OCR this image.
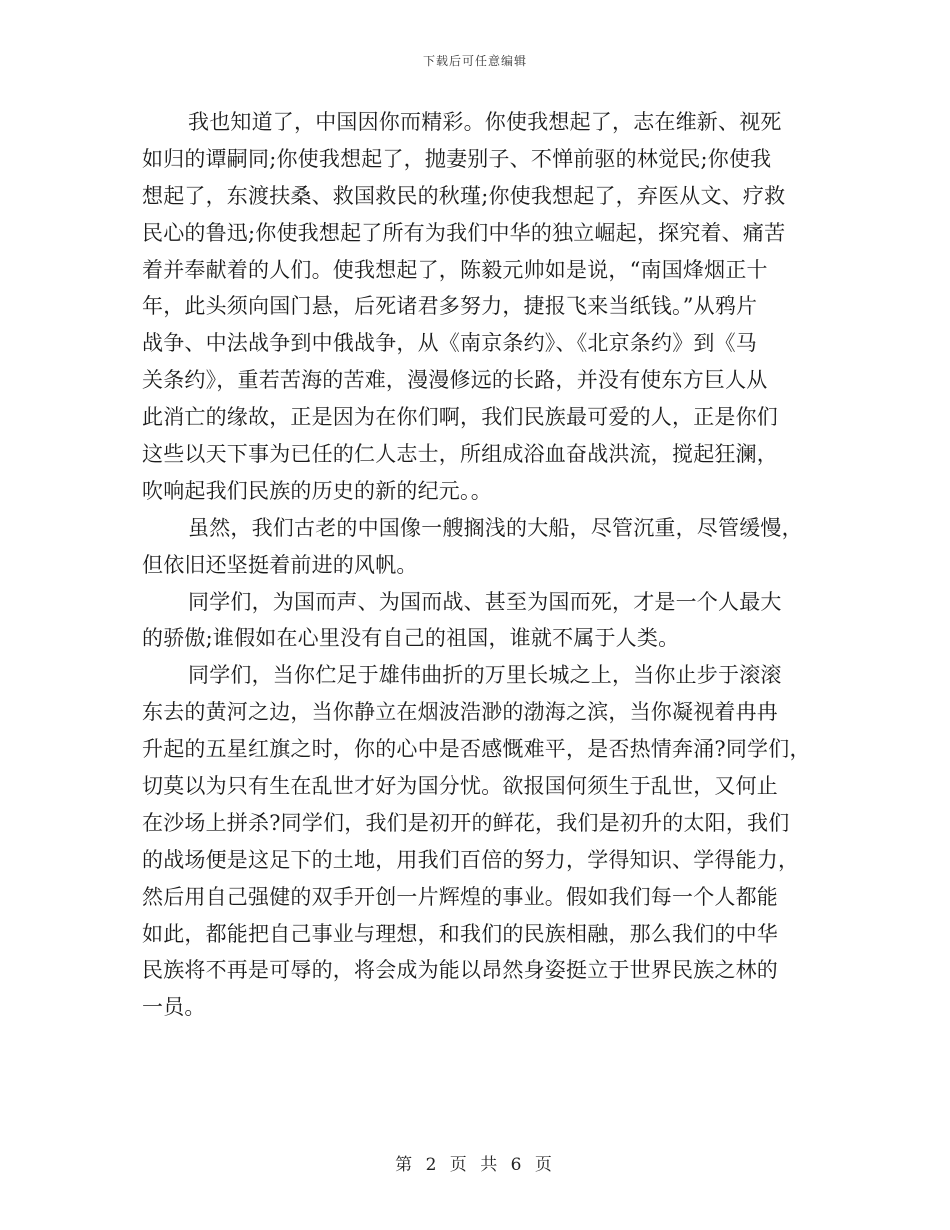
下载后可任意编辑
我也知道了，中国因你而精彩。你使我想起了，志在维新、视死
如归的谭嗣同;你使我想起了，抛妻别子、不惮前驱的林觉民;你使我
想起了，东渡扶桑、救国救民的秋瑾;你使我想起了，弃医从文、疗救
民心的鲁迅;你使我想起了所有为我们中华的独立崛起，探究着、痛苦
着并奉献着的人们。使我想起了，陈毅元帅如是说，“南国烽烟正十
年，此头须向国门悬，后死诸君多努力，捷报飞来当纸钱。”从鸦片
战争、中法战争到中俄战争，从《南京条约》、《北京条约》到《马
关条约》，重若苦海的苦难，漫漫修远的长路，并没有使东方巨人从
此消亡的缘故，正是因为在你们啊，我们民族最可爱的人，正是你们
这些以天下事为已任的仁人志士，所组成浴血奋战洪流，搅起狂澜，
吹响起我们民族的历史的新的纪元。。
虽然，我们古老的中国像一艘搁浅的大船，尽管沉重，尽管缓慢，
但依旧还坚挺着前进的风帆。
同学们，为国而声、为国而战、甚至为国而死，才是一个人最大
的骄傲;谁假如在心里没有自己的祖国，谁就不属于人类。
同学们，当你伫足于雄伟曲折的万里长城之上，当你止步于滚滚
东去的黄河之边，当你静立在烟波浩渺的渤海之滨，当你凝视着冉冉
升起的五星红旗之时，你的心中是否感慨难平，是否热情奔涌?同学们，
切莫以为只有生在乱世才好为国分忧。欲报国何须生于乱世，又何止
在沙场上拼杀?同学们，我们是初开的鲜花，我们是初升的太阳，我们
的战场便是这足下的土地，用我们百倍的努力，学得知识、学得能力，
然后用自己强健的双手开创一片辉煌的事业。假如我们每一个人都能
如此，都能把自己事业与理想，和我们的民族相融，那么我们的中华
民族将不再是可辱的，将会成为能以昂然身姿挺立于世界民族之林的
一员。
第 2 页 共 6 页
